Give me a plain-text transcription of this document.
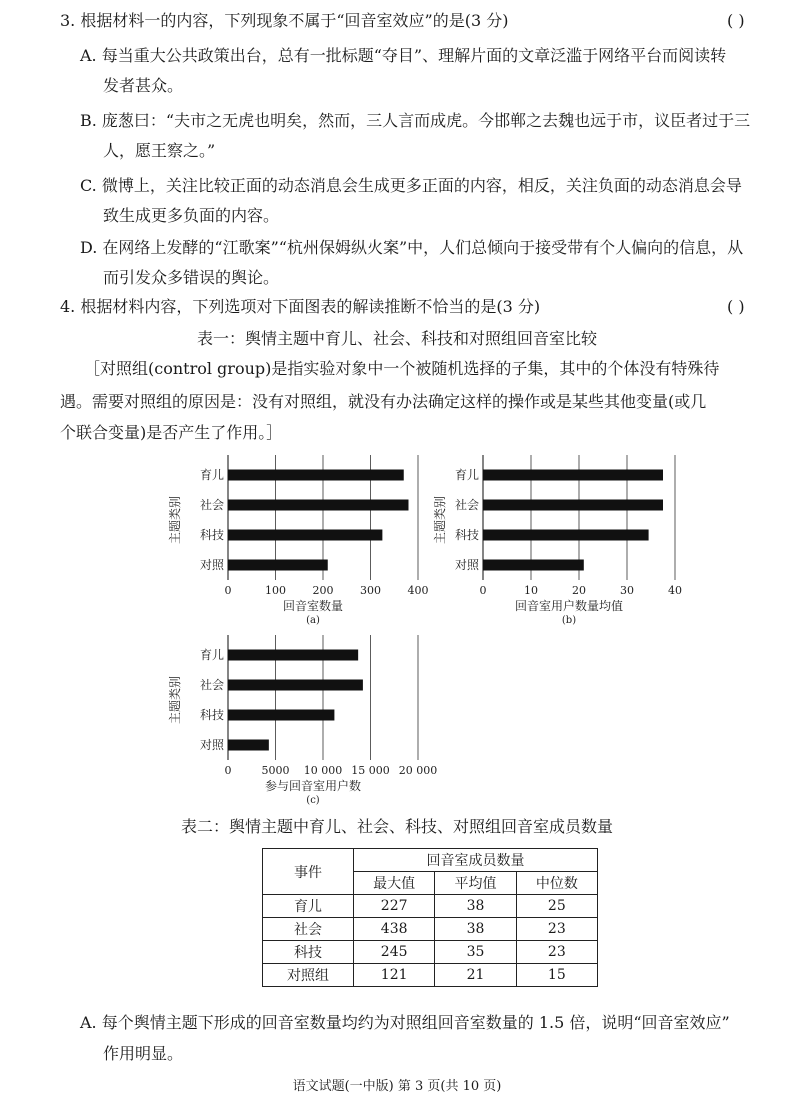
3. 根据材料一的内容，下列现象不属于“回音室效应”的是(3 分)	( )
A. 每当重大公共政策出台，总有一批标题“夺目”、理解片面的文章泛滥于网络平台而阅读转
发者甚众。
B. 庞葱曰：“夫市之无虎也明矣，然而，三人言而成虎。今邯郸之去魏也远于市，议臣者过于三
人，愿王察之。”
C. 微博上，关注比较正面的动态消息会生成更多正面的内容，相反，关注负面的动态消息会导
致生成更多负面的内容。
D. 在网络上发酵的“江歌案”“杭州保姆纵火案”中，人们总倾向于接受带有个人偏向的信息，从
而引发众多错误的舆论。
4. 根据材料内容，下列选项对下面图表的解读推断不恰当的是(3 分)	( )
表一：舆情主题中育儿、社会、科技和对照组回音室比较
［对照组(control group)是指实验对象中一个被随机选择的子集，其中的个体没有特殊待
遇。需要对照组的原因是：没有对照组，就没有办法确定这样的操作或是某些其他变量(或几
个联合变量)是否产生了作用。］
0	100 200 300 400
育儿
社会
科技
对照
主题类别
回音室数量
(a)
0	10	20	30	40
育儿
社会
科技
对照
主题类别
回音室用户数量均值
(b)
0	5000 10 000 15 000 20 000
育儿
社会
科技
对照
主题类别
参与回音室用户数
(c)
表二：舆情主题中育儿、社会、科技、对照组回音室成员数量
事件	回音室成员数量		
	最大值	平均值	中位数
育儿	227	38	25
社会	438	38	23
科技	245	35	23
对照组	121	21	15
A. 每个舆情主题下形成的回音室数量均约为对照组回音室数量的 1.5 倍，说明“回音室效应”
作用明显。
语文试题(一中版) 第 3 页(共 10 页)
